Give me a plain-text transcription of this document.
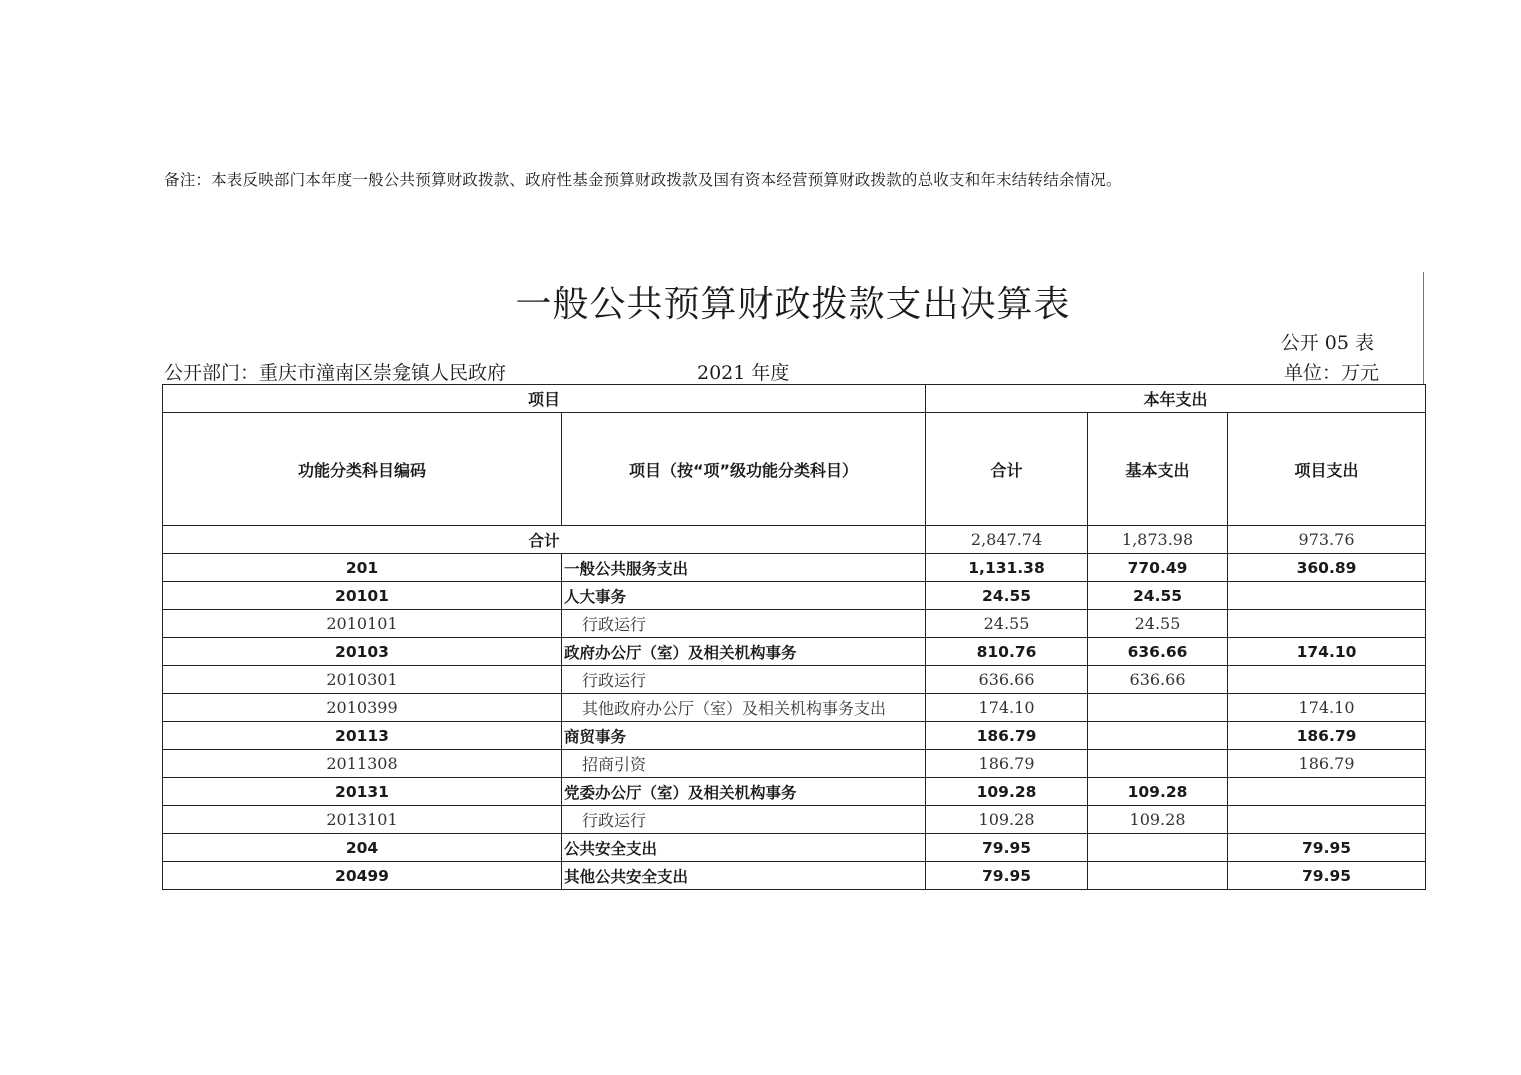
备注：本表反映部门本年度一般公共预算财政拨款、政府性基金预算财政拨款及国有资本经营预算财政拨款的总收支和年末结转结余情况。
一般公共预算财政拨款支出决算表
公开 05 表
公开部门：重庆市潼南区崇龛镇人民政府	2021 年度	单位：万元
项目		本年支出		
功能分类科目编码	项目（按“项”级功能分类科目）	合计	基本支出	项目支出
合计		2,847.74	1,873.98	973.76
201	一般公共服务支出	1,131.38	770.49	360.89
20101	人大事务	24.55	24.55	
2010101	行政运行	24.55	24.55	
20103	政府办公厅（室）及相关机构事务	810.76	636.66	174.10
2010301	行政运行	636.66	636.66	
2010399	其他政府办公厅（室）及相关机构事务支出	174.10		174.10
20113	商贸事务	186.79		186.79
2011308	招商引资	186.79		186.79
20131	党委办公厅（室）及相关机构事务	109.28	109.28	
2013101	行政运行	109.28	109.28	
204	公共安全支出	79.95		79.95
20499	其他公共安全支出	79.95		79.95
